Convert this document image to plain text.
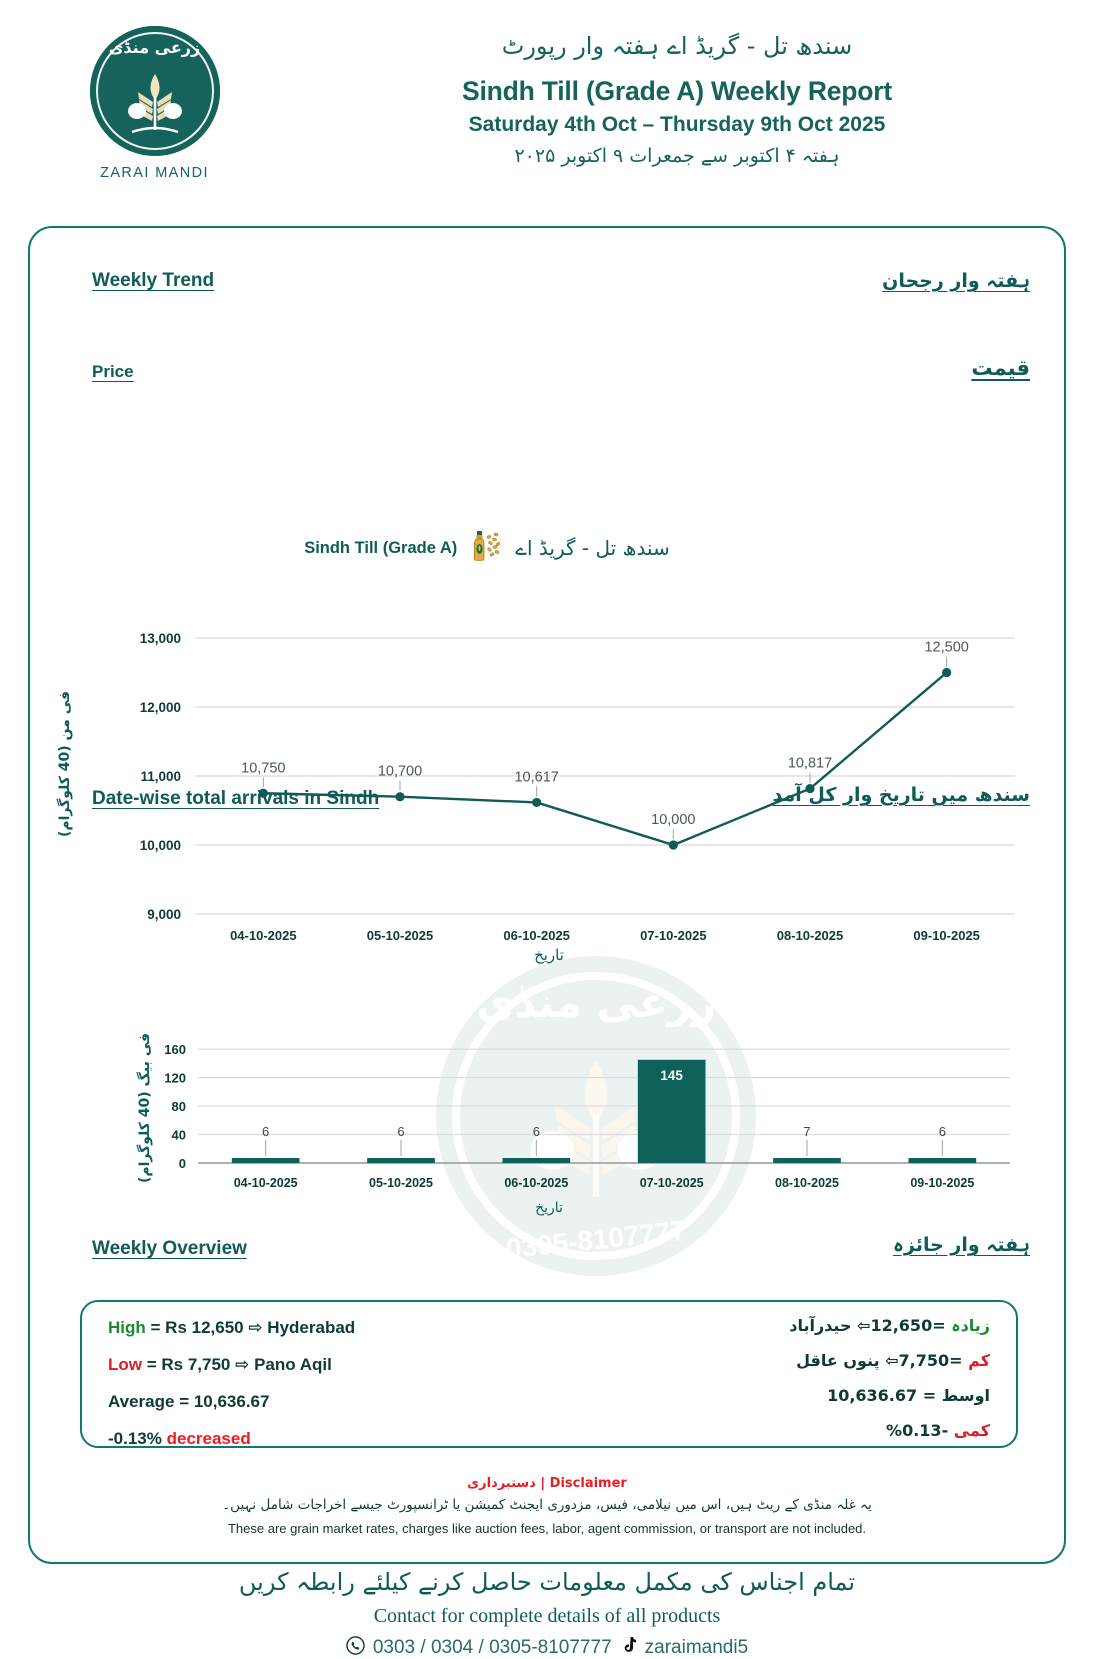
زرعی منڈی
ZARAI MANDI
سندھ تل - گریڈ اے ہفتہ وار رپورٹ
Sindh Till (Grade A) Weekly Report
Saturday 4th Oct – Thursday 9th Oct 2025
ہفتہ ۴ اکتوبر سے جمعرات ۹ اکتوبر ۲۰۲۵
زرعی منڈی
0305-8107777
Weekly Trend	ہفتہ وار رجحان
Sindh Till (Grade A)	سندھ تل - گریڈ اے
Price	قیمت
فی من (40 کلوگرام)
9,000
10,000
11,000
12,000
13,000
10,750
04-10-2025
10,700
05-10-2025
10,617
06-10-2025
10,000
07-10-2025
10,817
08-10-2025
12,500
09-10-2025
تاریخ
Date-wise total arrivals in Sindh	سندھ میں تاریخ وار کل آمد
فی بیگ (40 کلوگرام)
0
40
80
120
160
6
04-10-2025
6
05-10-2025
6
06-10-2025
145
07-10-2025
7
08-10-2025
6
09-10-2025
تاریخ
Weekly Overview	ہفتہ وار جائزہ
High = Rs 12,650 ⇨ Hyderabad
Low = Rs 7,750 ⇨ Pano Aqil
Average = 10,636.67
-0.13% decreased
زیادہ =12,650⇦ حیدرآباد
کم =7,750⇦ پنوں عاقل
اوسط = 10,636.67
کمی -0.13%
دستبرداری | Disclaimer
یہ غلہ منڈی کے ریٹ ہیں، اس میں نیلامی، فیس، مزدوری ایجنٹ کمیشن یا ٹرانسپورٹ جیسے اخراجات شامل نہیں۔
These are grain market rates, charges like auction fees, labor, agent commission, or transport are not included.
تمام اجناس کی مکمل معلومات حاصل کرنے کیلئے رابطہ کریں
Contact for complete details of all products
0303 / 0304 / 0305-8107777 zaraimandi5
